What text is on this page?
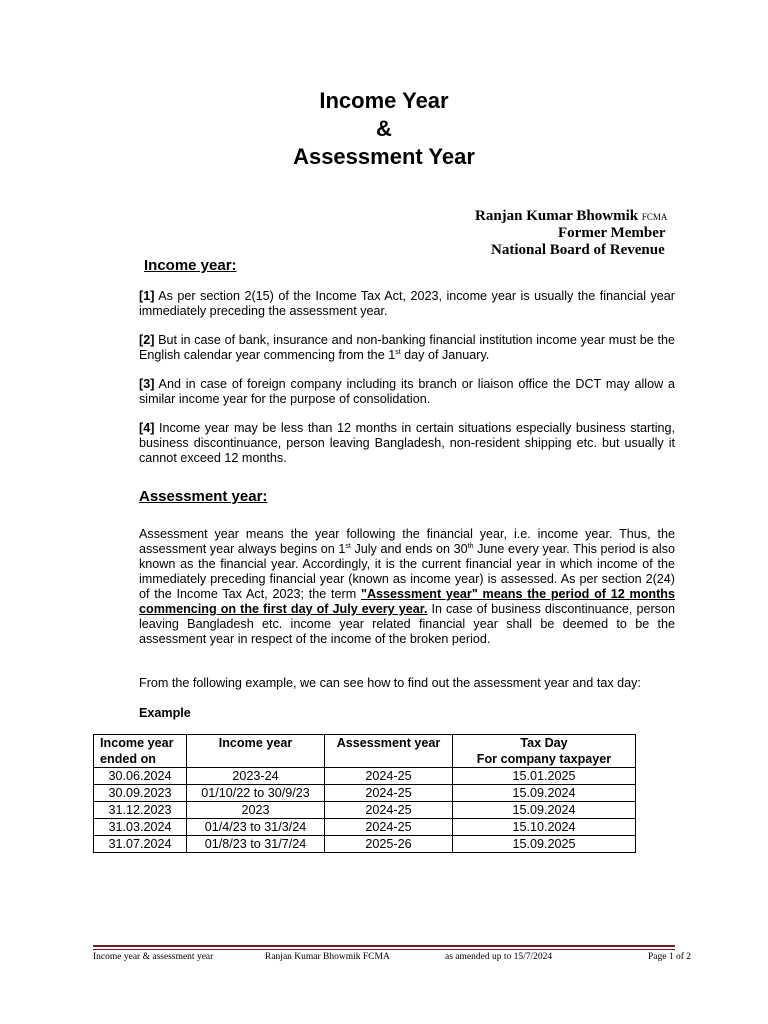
Income Year
&
Assessment Year
Ranjan Kumar Bhowmik FCMA
Former Member
National Board of Revenue
Income year:
[1] As per section 2(15) of the Income Tax Act, 2023, income year is usually the financial year immediately preceding the assessment year.
[2] But in case of bank, insurance and non-banking financial institution income year must be the English calendar year commencing from the 1st day of January.
[3] And in case of foreign company including its branch or liaison office the DCT may allow a similar income year for the purpose of consolidation.
[4] Income year may be less than 12 months in certain situations especially business starting, business discontinuance, person leaving Bangladesh, non-resident shipping etc. but usually it cannot exceed 12 months.
Assessment year:
Assessment year means the year following the financial year, i.e. income year. Thus, the assessment year always begins on 1st July and ends on 30th June every year. This period is also known as the financial year. Accordingly, it is the current financial year in which income of the immediately preceding financial year (known as income year) is assessed. As per section 2(24) of the Income Tax Act, 2023; the term "Assessment year" means the period of 12 months commencing on the first day of July every year. In case of business discontinuance, person leaving Bangladesh etc. income year related financial year shall be deemed to be the assessment year in respect of the income of the broken period.
From the following example, we can see how to find out the assessment year and tax day:
Example
Income year ended on	Income year	Assessment year	Tax Day
For company taxpayer

30.06.2024	2023-24	2024-25	15.01.2025
30.09.2023	01/10/22 to 30/9/23	2024-25	15.09.2024
31.12.2023	2023	2024-25	15.09.2024
31.03.2024	01/4/23 to 31/3/24	2024-25	15.10.2024
31.07.2024	01/8/23 to 31/7/24	2025-26	15.09.2025
Income year & assessment year	Ranjan Kumar Bhowmik FCMA	as amended up to 15/7/2024	Page 1 of 2
